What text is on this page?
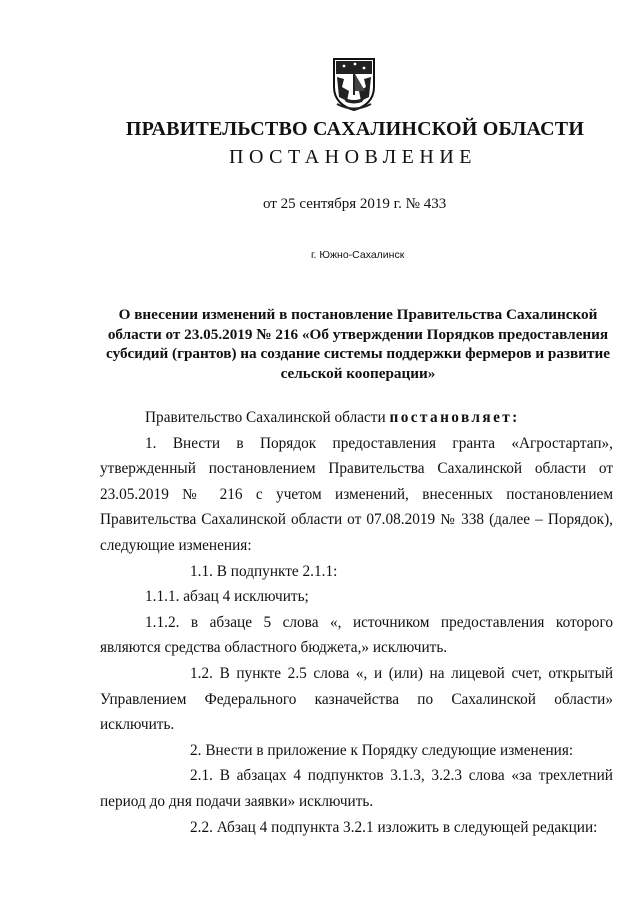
ПРАВИТЕЛЬСТВО САХАЛИНСКОЙ ОБЛАСТИ
ПОСТАНОВЛЕНИЕ
от 25 сентября 2019 г. № 433
г. Южно-Сахалинск
О внесении изменений в постановление Правительства Сахалинской области от 23.05.2019 № 216 «Об утверждении Порядков предоставления субсидий (грантов) на создание системы поддержки фермеров и развитие сельской кооперации»

Правительство Сахалинской области постановляет:

1. Внести в Порядок предоставления гранта «Агростартап», утвержденный постановлением Правительства Сахалинской области от 23.05.2019 № 216 с учетом изменений, внесенных постановлением Правительства Сахалинской области от 07.08.2019 № 338 (далее – Порядок), следующие изменения:

1.1. В подпункте 2.1.1:

1.1.1. абзац 4 исключить;

1.1.2. в абзаце 5 слова «, источником предоставления которого являются средства областного бюджета,» исключить.

1.2. В пункте 2.5 слова «, и (или) на лицевой счет, открытый Управлением Федерального казначейства по Сахалинской области» исключить.

2. Внести в приложение к Порядку следующие изменения:

2.1. В абзацах 4 подпунктов 3.1.3, 3.2.3 слова «за трехлетний период до дня подачи заявки» исключить.

2.2. Абзац 4 подпункта 3.2.1 изложить в следующей редакции:
